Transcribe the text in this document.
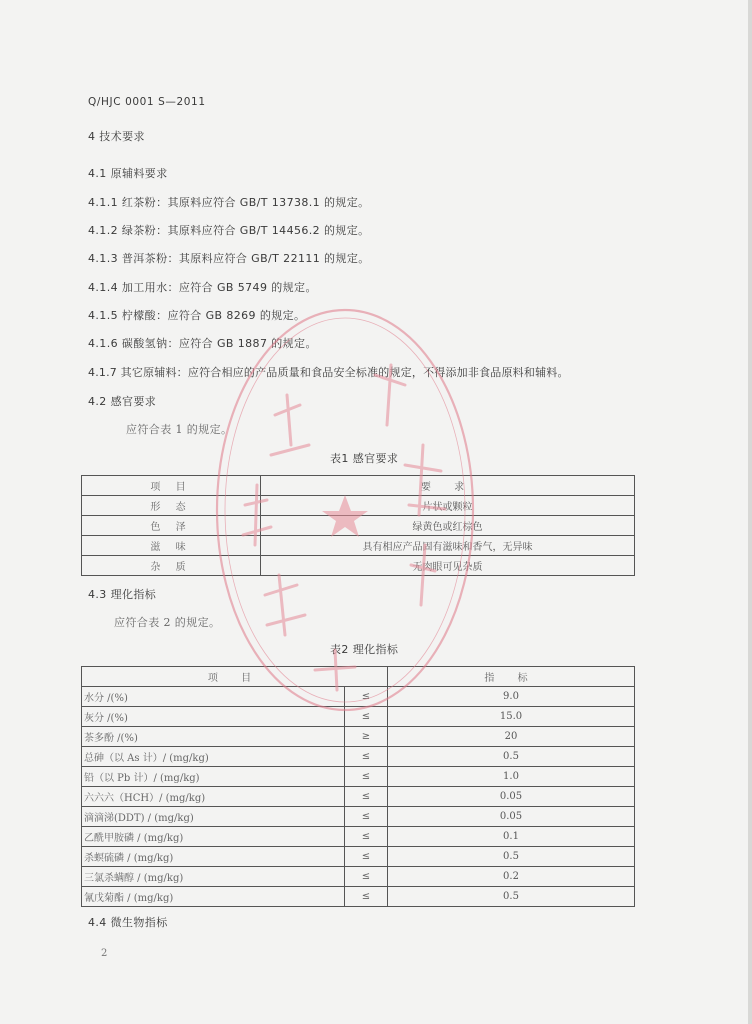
Q/HJC 0001 S—2011
4 技术要求
4.1 原辅料要求
4.1.1 红茶粉：其原料应符合 GB/T 13738.1 的规定。
4.1.2 绿茶粉：其原料应符合 GB/T 14456.2 的规定。
4.1.3 普洱茶粉：其原料应符合 GB/T 22111 的规定。
4.1.4 加工用水：应符合 GB 5749 的规定。
4.1.5 柠檬酸：应符合 GB 8269 的规定。
4.1.6 碳酸氢钠：应符合 GB 1887 的规定。
4.1.7 其它原辅料：应符合相应的产品质量和食品安全标准的规定，不得添加非食品原料和辅料。
4.2 感官要求
应符合表 1 的规定。
表1 感官要求
项 目	要 求
形 态	片状或颗粒
色 泽	绿黄色或红棕色
滋 味	具有相应产品固有滋味和香气，无异味
杂 质	无肉眼可见杂质
4.3 理化指标
应符合表 2 的规定。
表2 理化指标
项 目		指 标
水分 /(%)	≤	9.0
灰分 /(%)	≤	15.0
茶多酚 /(%)	≥	20
总砷（以 As 计）/ (mg/kg)	≤	0.5
铅（以 Pb 计）/ (mg/kg)	≤	1.0
六六六（HCH）/ (mg/kg)	≤	0.05
滴滴涕(DDT) / (mg/kg)	≤	0.05
乙酰甲胺磷 / (mg/kg)	≤	0.1
杀螟硫磷 / (mg/kg)	≤	0.5
三氯杀螨醇 / (mg/kg)	≤	0.2
氰戊菊酯 / (mg/kg)	≤	0.5
4.4 微生物指标
2
